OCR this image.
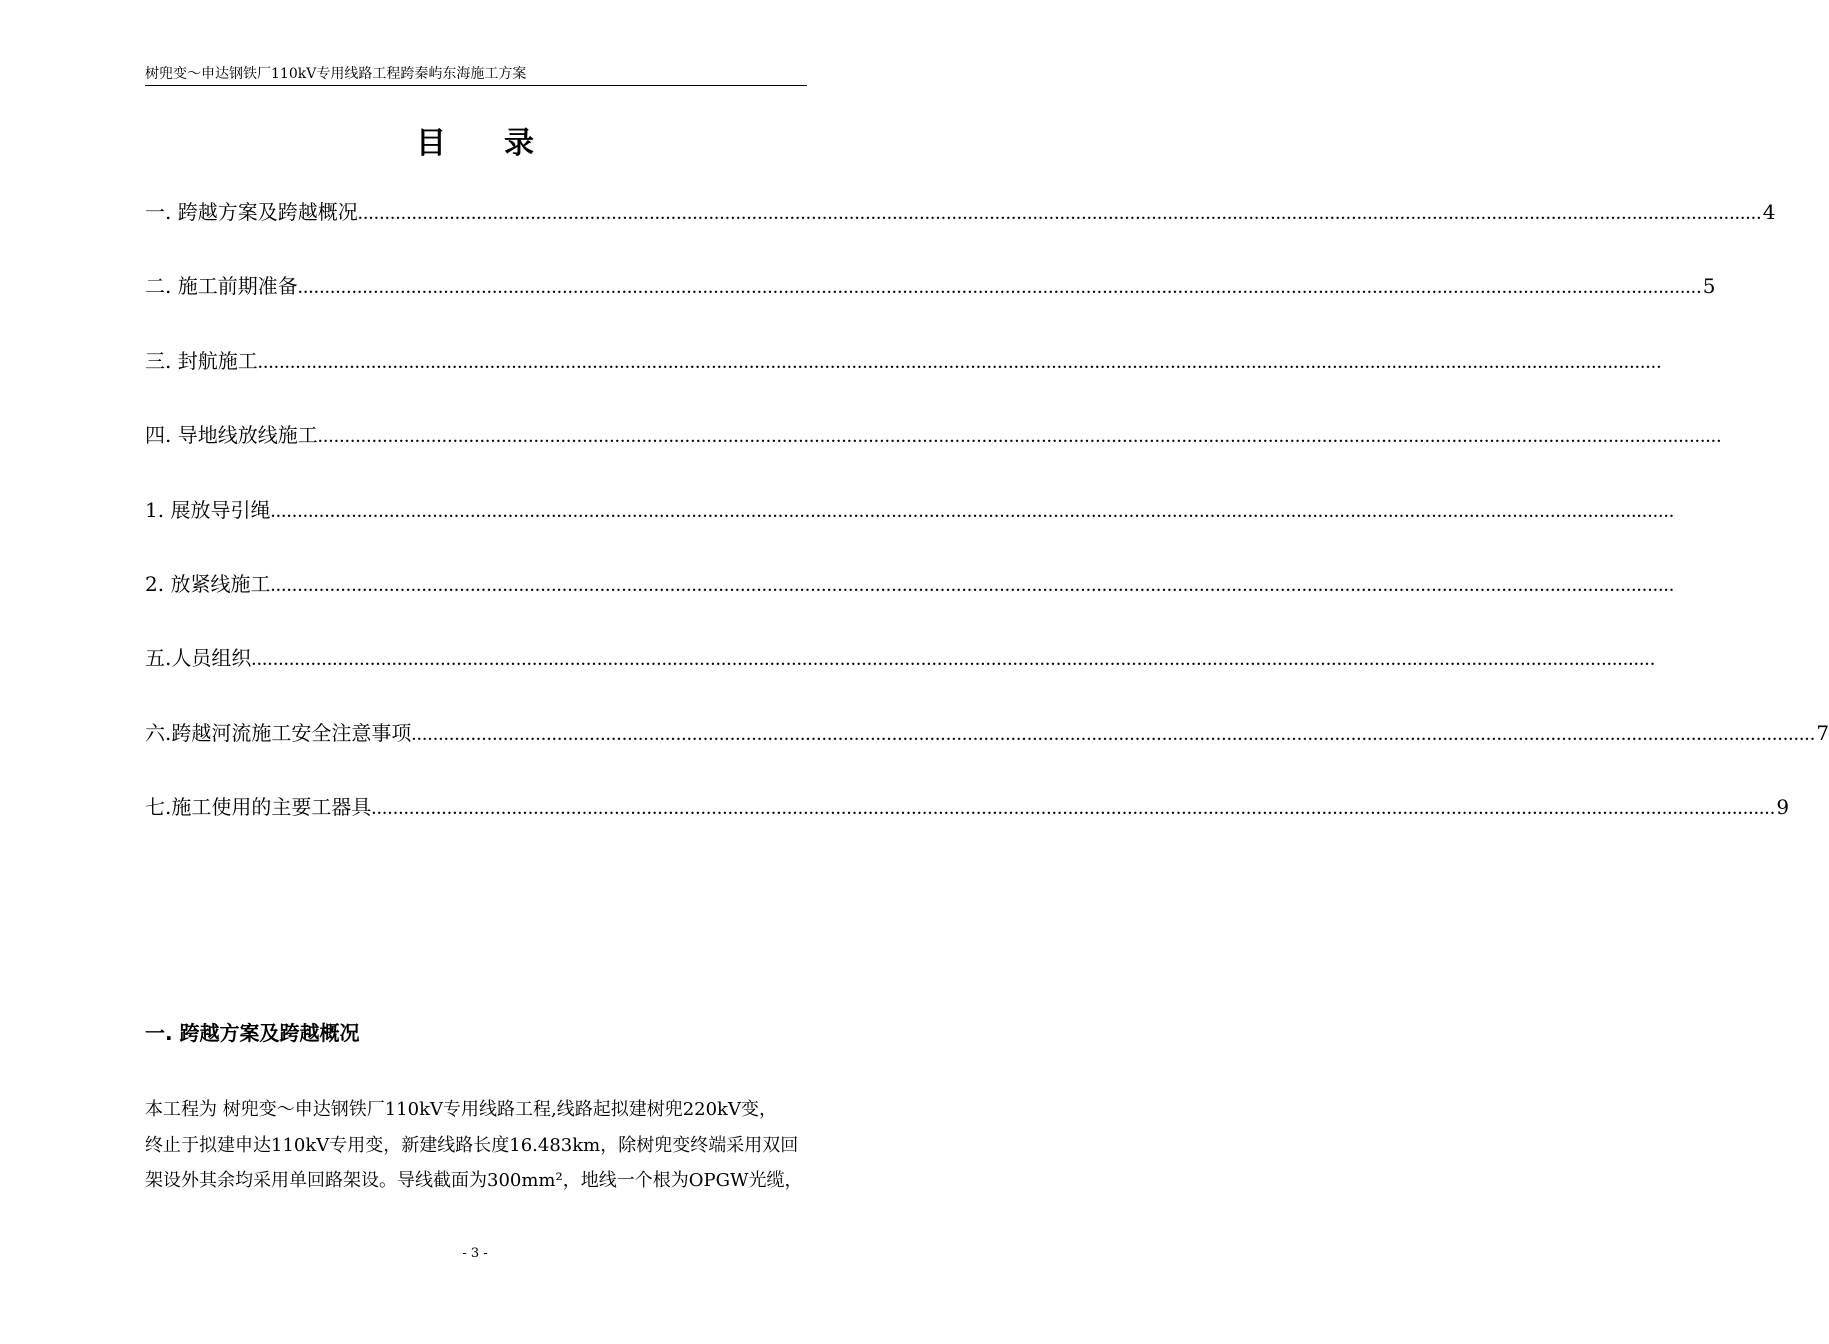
树兜变～申达钢铁厂110kV专用线路工程跨秦屿东海施工方案
目录
一. 跨越方案及跨越概况 .................................................................................................................................................................................................................................................................... 4
二. 施工前期准备 .................................................................................................................................................................................................................................................................... 5
三. 封航施工 ....................................................................................................................................................................................................................................................................
四. 导地线放线施工 ....................................................................................................................................................................................................................................................................
1. 展放导引绳 ....................................................................................................................................................................................................................................................................
2. 放紧线施工 ....................................................................................................................................................................................................................................................................
五.人员组织 ....................................................................................................................................................................................................................................................................
六.跨越河流施工安全注意事项 .................................................................................................................................................................................................................................................................... 7
七.施工使用的主要工器具 .................................................................................................................................................................................................................................................................... 9
一. 跨越方案及跨越概况
本工程为 树兜变～申达钢铁厂110kV专用线路工程,线路起拟建树兜220kV变，
终止于拟建申达110kV专用变，新建线路长度16.483km，除树兜变终端采用双回
架设外其余均采用单回路架设。导线截面为300mm²，地线一个根为OPGW光缆，
- 3 -
